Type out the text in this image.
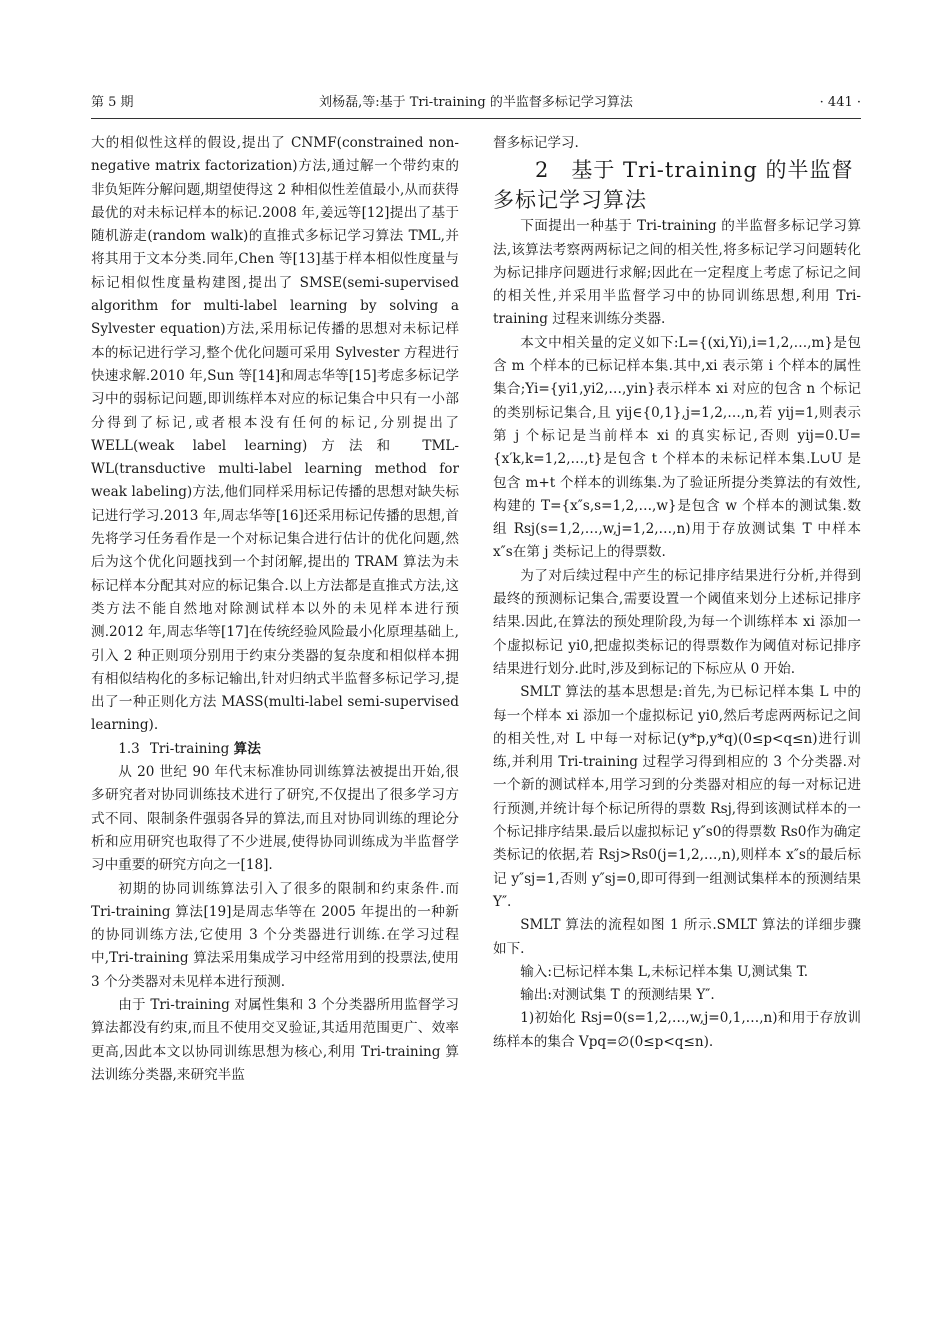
第 5 期	刘杨磊,等:基于 Tri-training 的半监督多标记学习算法	· 441 ·

大的相似性这样的假设,提出了 CNMF(constrained non-negative matrix factorization)方法,通过解一个带约束的非负矩阵分解问题,期望使得这 2 种相似性差值最小,从而获得最优的对未标记样本的标记.2008 年,姜远等[12]提出了基于随机游走(random walk)的直推式多标记学习算法 TML,并将其用于文本分类.同年,Chen 等[13]基于样本相似性度量与标记相似性度量构建图,提出了 SMSE(semi-supervised algorithm for multi-label learning by solving a Sylvester equation)方法,采用标记传播的思想对未标记样本的标记进行学习,整个优化问题可采用 Sylvester 方程进行快速求解.2010 年,Sun 等[14]和周志华等[15]考虑多标记学习中的弱标记问题,即训练样本对应的标记集合中只有一小部分得到了标记,或者根本没有任何的标记,分别提出了 WELL(weak label learning)方法和 TML-WL(transductive multi-label learning method for weak labeling)方法,他们同样采用标记传播的思想对缺失标记进行学习.2013 年,周志华等[16]还采用标记传播的思想,首先将学习任务看作是一个对标记集合进行估计的优化问题,然后为这个优化问题找到一个封闭解,提出的 TRAM 算法为未标记样本分配其对应的标记集合.以上方法都是直推式方法,这类方法不能自然地对除测试样本以外的未见样本进行预测.2012 年,周志华等[17]在传统经验风险最小化原理基础上,引入 2 种正则项分别用于约束分类器的复杂度和相似样本拥有相似结构化的多标记输出,针对归纳式半监督多标记学习,提出了一种正则化方法 MASS(multi-label semi-supervised learning).

1.3 Tri-training 算法

从 20 世纪 90 年代末标准协同训练算法被提出开始,很多研究者对协同训练技术进行了研究,不仅提出了很多学习方式不同、限制条件强弱各异的算法,而且对协同训练的理论分析和应用研究也取得了不少进展,使得协同训练成为半监督学习中重要的研究方向之一[18].

初期的协同训练算法引入了很多的限制和约束条件.而 Tri-training 算法[19]是周志华等在 2005 年提出的一种新的协同训练方法,它使用 3 个分类器进行训练.在学习过程中,Tri-training 算法采用集成学习中经常用到的投票法,使用 3 个分类器对未见样本进行预测.

由于 Tri-training 对属性集和 3 个分类器所用监督学习算法都没有约束,而且不使用交叉验证,其适用范围更广、效率更高,因此本文以协同训练思想为核心,利用 Tri-training 算法训练分类器,来研究半监

督多标记学习.

2　基于 Tri-training 的半监督多标记学习算法

下面提出一种基于 Tri-training 的半监督多标记学习算法,该算法考察两两标记之间的相关性,将多标记学习问题转化为标记排序问题进行求解;因此在一定程度上考虑了标记之间的相关性,并采用半监督学习中的协同训练思想,利用 Tri-training 过程来训练分类器.

本文中相关量的定义如下:L={(xi,Yi),i=1,2,…,m}是包含 m 个样本的已标记样本集.其中,xi 表示第 i 个样本的属性集合;Yi={yi1,yi2,…,yin}表示样本 xi 对应的包含 n 个标记的类别标记集合,且 yij∈{0,1},j=1,2,…,n,若 yij=1,则表示第 j 个标记是当前样本 xi 的真实标记,否则 yij=0.U={x′k,k=1,2,…,t}是包含 t 个样本的未标记样本集.L∪U 是包含 m+t 个样本的训练集.为了验证所提分类算法的有效性,构建的 T={x″s,s=1,2,…,w}是包含 w 个样本的测试集.数组 Rsj(s=1,2,…,w,j=1,2,…,n)用于存放测试集 T 中样本 x″s在第 j 类标记上的得票数.

为了对后续过程中产生的标记排序结果进行分析,并得到最终的预测标记集合,需要设置一个阈值来划分上述标记排序结果.因此,在算法的预处理阶段,为每一个训练样本 xi 添加一个虚拟标记 yi0,把虚拟类标记的得票数作为阈值对标记排序结果进行划分.此时,涉及到标记的下标应从 0 开始.

SMLT 算法的基本思想是:首先,为已标记样本集 L 中的每一个样本 xi 添加一个虚拟标记 yi0,然后考虑两两标记之间的相关性,对 L 中每一对标记(y*p,y*q)(0≤p<q≤n)进行训练,并利用 Tri-training 过程学习得到相应的 3 个分类器.对一个新的测试样本,用学习到的分类器对相应的每一对标记进行预测,并统计每个标记所得的票数 Rsj,得到该测试样本的一个标记排序结果.最后以虚拟标记 y″s0的得票数 Rs0作为确定类标记的依据,若 Rsj>Rs0(j=1,2,…,n),则样本 x″s的最后标记 y″sj=1,否则 y″sj=0,即可得到一组测试集样本的预测结果 Y″.

SMLT 算法的流程如图 1 所示.SMLT 算法的详细步骤如下.

输入:已标记样本集 L,未标记样本集 U,测试集 T.

输出:对测试集 T 的预测结果 Y″.

1)初始化 Rsj=0(s=1,2,…,w,j=0,1,…,n)和用于存放训练样本的集合 Vpq=∅(0≤p<q≤n).
